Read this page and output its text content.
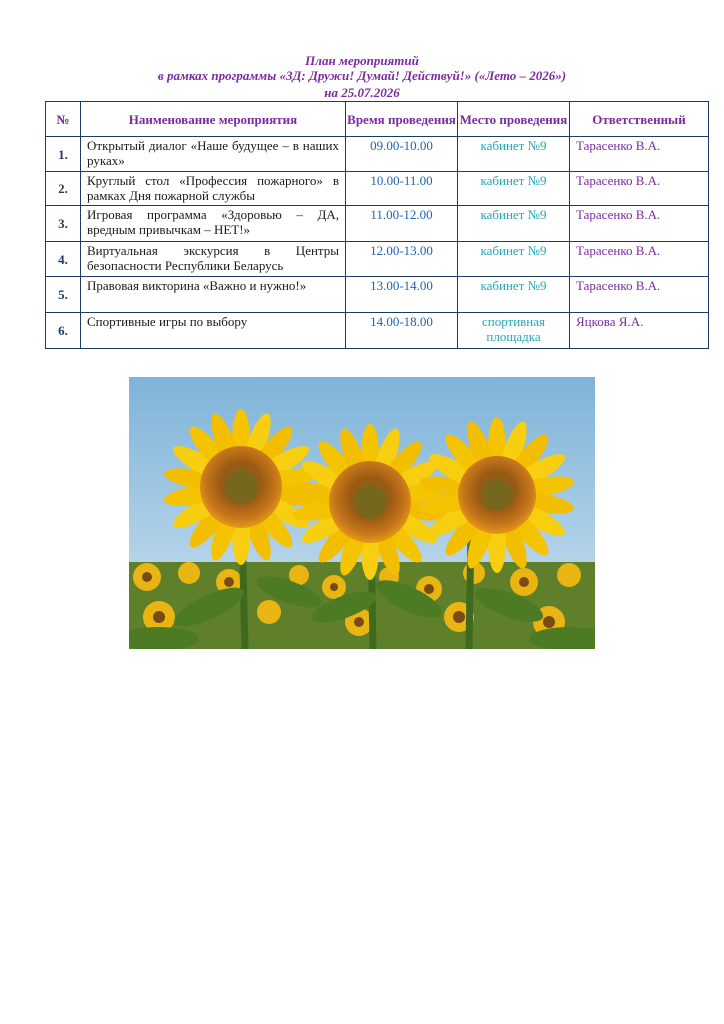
План мероприятий
в рамках программы «3Д: Дружи! Думай! Действуй!» («Лето – 2026»)
на 25.07.2026
№	Наименование мероприятия	Время проведения	Место проведения	Ответственный
1.	Открытый диалог «Наше будущее – в наших руках»	09.00-10.00	кабинет №9	Тарасенко В.А.
2.	Круглый стол «Профессия пожарного» в рамках Дня пожарной службы	10.00-11.00	кабинет №9	Тарасенко В.А.
3.	Игровая программа «Здоровью – ДА, вредным привычкам – НЕТ!»	11.00-12.00	кабинет №9	Тарасенко В.А.
4.	Виртуальная экскурсия в Центры безопасности Республики Беларусь	12.00-13.00	кабинет №9	Тарасенко В.А.
5.	Правовая викторина «Важно и нужно!»	13.00-14.00	кабинет №9	Тарасенко В.А.
6.	Спортивные игры по выбору	14.00-18.00	спортивная площадка	Яцкова Я.А.
